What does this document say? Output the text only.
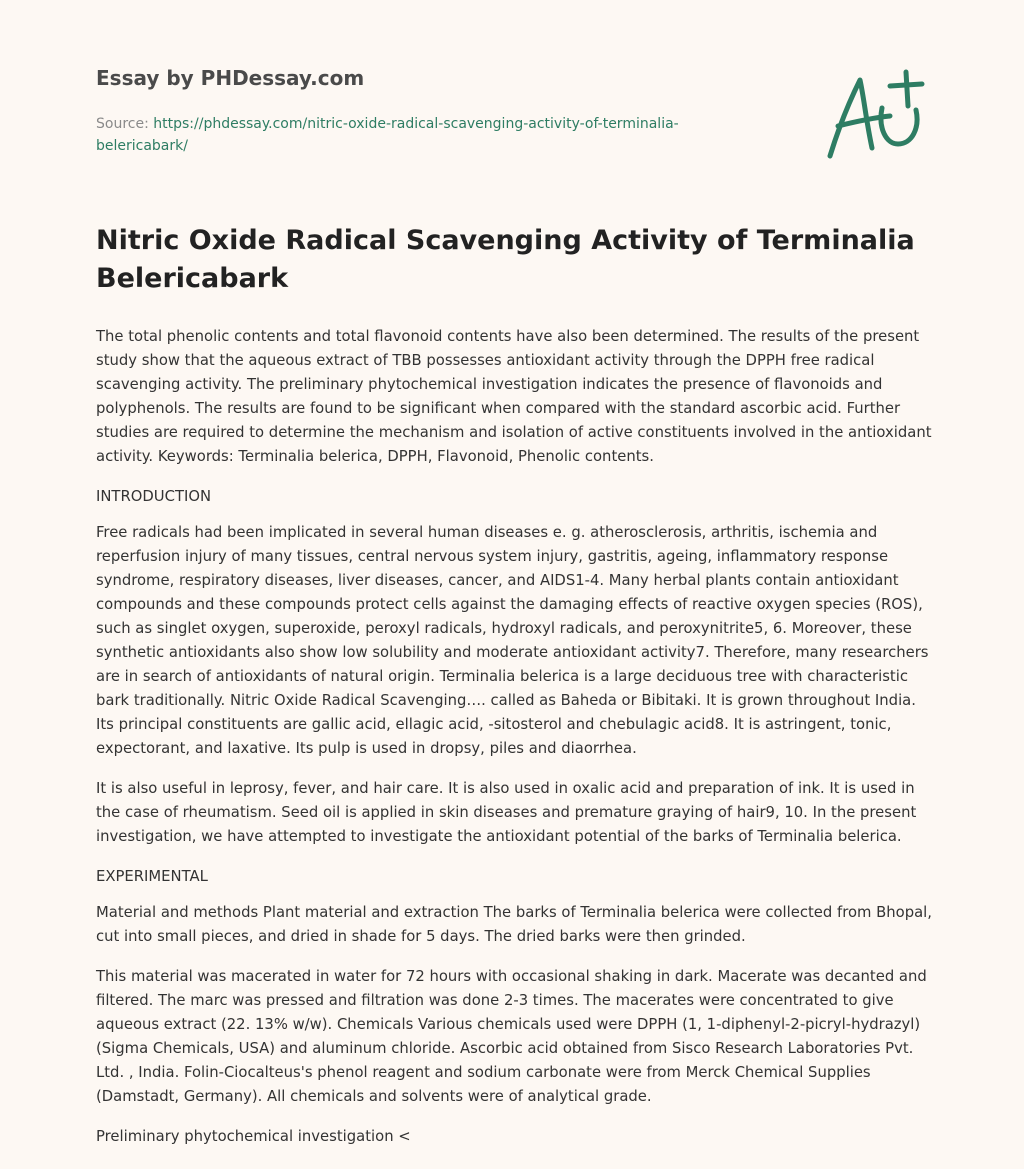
Essay by PHDessay.com

Source: https://phdessay.com/nitric-oxide-radical-scavenging-activity-of-terminalia-belericabark/
Nitric Oxide Radical Scavenging Activity of Terminalia Belericabark

The total phenolic contents and total flavonoid contents have also been determined. The results of the present study show that the aqueous extract of TBB possesses antioxidant activity through the DPPH free radical scavenging activity. The preliminary phytochemical investigation indicates the presence of flavonoids and polyphenols. The results are found to be significant when compared with the standard ascorbic acid. Further studies are required to determine the mechanism and isolation of active constituents involved in the antioxidant activity. Keywords: Terminalia belerica, DPPH, Flavonoid, Phenolic contents.

INTRODUCTION

Free radicals had been implicated in several human diseases e. g. atherosclerosis, arthritis, ischemia and reperfusion injury of many tissues, central nervous system injury, gastritis, ageing, inflammatory response syndrome, respiratory diseases, liver diseases, cancer, and AIDS1-4. Many herbal plants contain antioxidant compounds and these compounds protect cells against the damaging effects of reactive oxygen species (ROS), such as singlet oxygen, superoxide, peroxyl radicals, hydroxyl radicals, and peroxynitrite5, 6. Moreover, these synthetic antioxidants also show low solubility and moderate antioxidant activity7. Therefore, many researchers are in search of antioxidants of natural origin. Terminalia belerica is a large deciduous tree with characteristic bark traditionally. Nitric Oxide Radical Scavenging…. called as Baheda or Bibitaki. It is grown throughout India. Its principal constituents are gallic acid, ellagic acid, -sitosterol and chebulagic acid8. It is astringent, tonic, expectorant, and laxative. Its pulp is used in dropsy, piles and diaorrhea.

It is also useful in leprosy, fever, and hair care. It is also used in oxalic acid and preparation of ink. It is used in the case of rheumatism. Seed oil is applied in skin diseases and premature graying of hair9, 10. In the present investigation, we have attempted to investigate the antioxidant potential of the barks of Terminalia belerica.

EXPERIMENTAL

Material and methods Plant material and extraction The barks of Terminalia belerica were collected from Bhopal, cut into small pieces, and dried in shade for 5 days. The dried barks were then grinded.

This material was macerated in water for 72 hours with occasional shaking in dark. Macerate was decanted and filtered. The marc was pressed and filtration was done 2-3 times. The macerates were concentrated to give aqueous extract (22. 13% w/w). Chemicals Various chemicals used were DPPH (1, 1-diphenyl-2-picryl-hydrazyl) (Sigma Chemicals, USA) and aluminum chloride. Ascorbic acid obtained from Sisco Research Laboratories Pvt. Ltd. , India. Folin-Ciocalteus's phenol reagent and sodium carbonate were from Merck Chemical Supplies (Damstadt, Germany). All chemicals and solvents were of analytical grade.

Preliminary phytochemical investigation <
